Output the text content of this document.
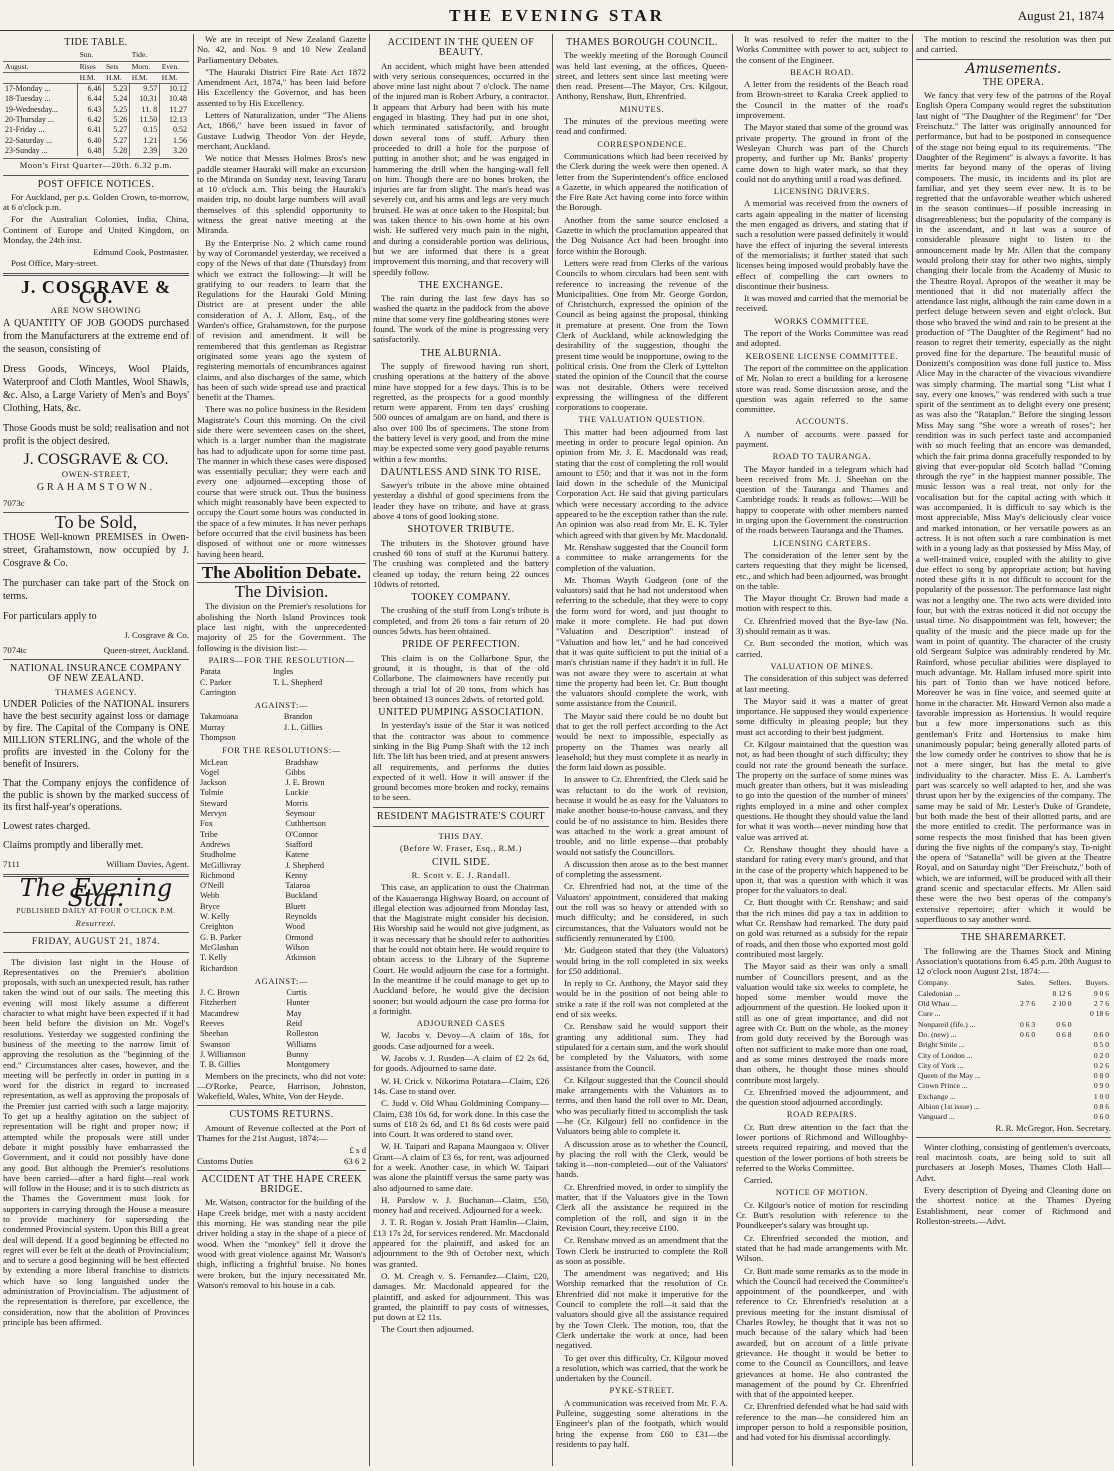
THE EVENING STAR	August 21, 1874
TIDE TABLE.
	Sun.		Tide.	
August.	Rises	Sets	Morn.	Even.
	H.M.	H.M.	H.M.	H.M.
17-Monday ...	6.46	5.23	9.57	10.12
18-Tuesday ...	6.44	5.24	10.31	10.48
19-Wednesday...	6.43	5.25	11. 8	11.27
20-Thursday ...	6.42	5.26	11.50	12.13
21-Friday ...	6.41	5.27	0.15	0.52
22-Saturday ...	6.40	5.27	1.21	1.56
23-Sunday ...	6.48	5.28	2.39	3.20
Moon's First Quarter—20th. 6.32 p.m.
POST OFFICE NOTICES.

For Auckland, per p.s. Golden Crown, to-morrow, at 6 o'clock p.m.

For the Australian Colonies, India, China, Continent of Europe and United Kingdom, on Monday, the 24th inst.

Edmund Cook, Postmaster.

Post Office, Mary-street.

J. COSGRAVE & CO.
ARE NOW SHOWING

A QUANTITY OF JOB GOODS purchased from the Manufacturers at the extreme end of the season, consisting of

Dress Goods, Winceys, Wool Plaids, Waterproof and Cloth Mantles, Wool Shawls, &c. Also, a Large Variety of Men's and Boys' Clothing, Hats, &c.

Those Goods must be sold; realisation and not profit is the object desired.

J. COSGRAVE & CO.
OWEN-STREET,
GRAHAMSTOWN.
7073c
To be Sold,

THOSE Well-known PREMISES in Owen-street, Grahamstown, now occupied by J. Cosgrave & Co.

The purchaser can take part of the Stock on terms.

For particulars apply to

J. Cosgrave & Co.
7074tc	Queen-street, Auckland.
NATIONAL INSURANCE COMPANY OF NEW ZEALAND.
THAMES AGENCY.

UNDER Policies of the NATIONAL insurers have the best security against loss or damage by fire. The Capital of the Company is ONE MILLION STERLING, and the whole of the profits are invested in the Colony for the benefit of Insurers.

That the Company enjoys the confidence of the public is shown by the marked success of its first half-year's operations.

Lowest rates charged.

Claims promptly and liberally met.

7111	William Davies, Agent.
The Evening Star.
PUBLISHED DAILY AT FOUR O'CLOCK P.M.
Resurrexi.
FRIDAY, AUGUST 21, 1874.

The division last night in the House of Representatives on the Premier's abolition proposals, with such an unexpected result, has rather taken the wind out of our sails. The meeting this evening will most likely assume a different character to what might have been expected if it had been held before the division on Mr. Vogel's resolutions. Yesterday we suggested confining the business of the meeting to the narrow limit of approving the resolution as the "beginning of the end." Circumstances alter cases, however, and the meeting will be perfectly in order in putting in a word for the district in regard to increased representation, as well as approving the proposals of the Premier just carried with such a large majority. To get up a healthy agitation on the subject of representation will be right and proper now; if attempted while the proposals were still under debate it might possibly have embarrassed the Government, and it could not possibly have done any good. But although the Premier's resolutions have been carried—after a hard fight—real work will follow in the House; and it is to such districts as the Thames the Government must look for supporters in carrying through the House a measure to provide machinery for superseding the condemned Provincial system. Upon this Bill a great deal will depend. If a good beginning be effected no regret will ever be felt at the death of Provincialism; and to secure a good beginning will be best effected by extending a more liberal franchise to districts which have so long languished under the administration of Provincialism. The adjustment of the representation is therefore, par excellence, the consideration, now that the abolition of Provinces principle has been affirmed.

We are in receipt of New Zealand Gazette No. 42, and Nos. 9 and 10 New Zealand Parliamentary Debates.

"The Hauraki District Fire Rate Act 1872 Amendment Act, 1874," has been laid before His Excellency the Governor, and has been assented to by His Excellency.

Letters of Naturalization, under "The Aliens Act, 1866," have been issued in favor of Gustave Ludwig Theodor Von der Heyde, merchant, Auckland.

We notice that Messrs Holmes Bros's new paddle steamer Hauraki will make an excursion to the Miranda on Sunday next, leaving Tararu at 10 o'clock a.m. This being the Hauraki's maiden trip, no doubt large numbers will avail themselves of this splendid opportunity to witness the great native meeting at the Miranda.

By the Enterprise No. 2 which came round by way of Coromandel yesterday, we received a copy of the News of that date (Thursday) from which we extract the following:—It will be gratifying to our readers to learn that the Regulations for the Hauraki Gold Mining District are at present under the able consideration of A. J. Allom, Esq., of the Warden's office, Grahamstown, for the purpose of revision and amendment. It will be remembered that this gentleman as Registrar originated some years ago the system of registering memorials of encumbrances against claims, and also discharges of the same, which has been of such wide spread use and practical benefit at the Thames.

There was no police business in the Resident Magistrate's Court this morning. On the civil side there were seventeen cases on the sheet, which is a larger number than the magistrate has had to adjudicate upon for some time past. The manner in which these cases were disposed was essentially peculiar; they were each and every one adjourned—excepting those of course that were struck out. Thus the business which might reasonably have been expected to occupy the Court some hours was conducted in the space of a few minutes. It has never perhaps before occurred that the civil business has been disposed of without one or more witnesses having been heard.

The Abolition Debate.
The Division.

The division on the Premier's resolutions for abolishing the North Island Provinces took place last night, with the unprecedented majority of 25 for the Government. The following is the division list:—

PAIRS—FOR THE RESOLUTION—
Parata	Ingles
C. Parker	T. L. Shepherd
Carrington	
AGAINST:—
Takamoana	Brandon
Murray	J. L. Gillies
Thompson	
FOR THE RESOLUTIONS:—
McLean	Bradshaw
Vogel	Gibbs
Jackson	J. E. Brown
Tolmie	Luckie
Steward	Morris
Mervyn	Seymour
Fox	Cuthbertson
Tribe	O'Connor
Andrews	Stafford
Studholme	Katene
McGillivray	J. Shepherd
Richmond	Kenny
O'Neill	Taiaroa
Webb	Buckland
Bryce	Bluett
W. Kelly	Reynolds
Creighton	Wood
G. B. Parker	Ormond
McGlashan	Wilson
T. Kelly	Atkinson
Richardson	
AGAINST:—
J. C. Brown	Curtis
Fitzherbert	Hunter
Macandrew	May
Reeves	Reid
Sheehan	Rolleston
Swanson	Williams
J. Williamson	Bunny
T. B. Gillies	Montgomery

Members on the precincts, who did not vote:—O'Rorke, Pearce, Harrison, Johnston, Wakefield, Wales, White, Von der Heyde.

CUSTOMS RETURNS.

Amount of Revenue collected at the Port of Thames for the 21st August, 1874:—

£ s d
Customs Duties	63 6 2
ACCIDENT AT THE HAPE CREEK BRIDGE.

Mr. Watson, contractor for the building of the Hape Creek bridge, met with a nasty accident this morning. He was standing near the pile driver holding a stay in the shape of a piece of wood. When the "monkey" fell it drove the wood with great violence against Mr. Watson's thigh, inflicting a frightful bruise. No bones were broken, but the injury necessitated Mr. Watson's removal to his house in a cab.

ACCIDENT IN THE QUEEN OF BEAUTY.

An accident, which might have been attended with very serious consequences, occurred in the above mine last night about 7 o'clock. The name of the injured man is Robert Arbury, a contractor. It appears that Arbury had been with his mate engaged in blasting. They had put in one shot, which terminated satisfactorily, and brought down several tons of stuff. Arbury then proceeded to drill a hole for the purpose of putting in another shot; and he was engaged in hammering the drill when the hanging-wall fell on him. Though there are no bones broken, the injuries are far from slight. The man's head was severely cut, and his arms and legs are very much bruised. He was at once taken to the Hospital; but was taken thence to his own home at his own wish. He suffered very much pain in the night, and during a considerable portion was delirious, but we are informed that there is a great improvement this morning, and that recovery will speedily follow.

THE EXCHANGE.

The rain during the last few days has so washed the quartz in the paddock from the above mine that some very fine goldbearing stones were found. The work of the mine is progressing very satisfactorily.

THE ALBURNIA.

The supply of firewood having run short, crushing operations at the battery of the above mine have stopped for a few days. This is to be regretted, as the prospects for a good monthly return were apparent. From ten days' crushing 500 ounces of amalgam are on hand, and there is also over 100 lbs of specimens. The stone from the battery level is very good, and from the mine may be expected some very good payable returns within a few months.

DAUNTLESS AND SINK TO RISE.

Sawyer's tribute in the above mine obtained yesterday a dishful of good specimens from the leader they have on tribute, and have at grass above 4 tons of good looking stone.

SHOTOVER TRIBUTE.

The tributers in the Shotover ground have crushed 60 tons of stuff at the Kurunui battery. The crushing was completed and the battery cleaned up today, the return being 22 ounces 10dwts of retorted.

TOOKEY COMPANY.

The crushing of the stuff from Long's tribute is completed, and from 26 tons a fair return of 20 ounces 5dwts. has been obtained.

PRIDE OF PERFECTION.

This claim is on the Collarbone Spur, the ground, it is thought, is that of the old Collarbone. The claimowners have recently put through a trial lot of 20 tons, from which has been obtained 13 ounces 2dwts. of retorted gold.

UNITED PUMPING ASSOCIATION.

In yesterday's issue of the Star it was noticed that the contractor was about to commence sinking in the Big Pump Shaft with the 12 inch lift. The lift has been tried, and at present answers all requirements, and performs the duties expected of it well. How it will answer if the ground becomes more broken and rocky, remains to be seen.

RESIDENT MAGISTRATE'S COURT
THIS DAY.
(Before W. Fraser, Esq., R.M.)
CIVIL SIDE.
R. Scott v. E. J. Randall.

This case, an application to oust the Chairman of the Kauaeranga Highway Board, on account of illegal election was adjourned from Monday last, that the Magistrate might consider his decision. His Worship said he would not give judgment, as it was necessary that he should refer to authorities that he could not obtain here. He would require to obtain access to the Library of the Supreme Court. He would adjourn the case for a fortnight. In the meantime if he could manage to get up to Auckland before, he would give the decision sooner; but would adjourn the case pro forma for a fortnight.

ADJOURNED CASES

W. Jacobs v. Devoy—A claim of 18s, for goods. Case adjourned for a week.

W. Jacobs v. J. Rusden—A claim of £2 2s 6d, for goods. Adjourned to same date.

W. H. Crick v. Nikorima Potatara—Claim, £26 14s. Case to stand over.

C. Judd v. Old Whau Goldmining Company—Claim, £38 10s 6d, for work done. In this case the sums of £18 2s 6d, and £1 8s 6d costs were paid into Court. It was ordered to stand over.

W. H. Taipari and Rapana Maungaoa v. Oliver Grant—A claim of £3 6s, for rent, was adjourned for a week. Another case, in which W. Taipari was alone the plaintiff versus the same party was also adjourned to same date.

H. Parslow v. J. Buchanan—Claim, £50, money had and received. Adjourned for a week.

J. T. R. Rogan v. Josiah Pratt Hamlin—Claim, £13 17s 2d, for services rendered. Mr. Macdonald appeared for the plaintiff, and asked for an adjournment to the 9th of October next, which was granted.

O. M. Creagh v. S. Fernandez—Claim, £20, damages. Mr. Macdonald appeared for the plaintiff, and asked for adjournment. This was granted, the plaintiff to pay costs of witnesses, put down at £2 11s.

The Court then adjourned.

THAMES BOROUGH COUNCIL.

The weekly meeting of the Borough Council was held last evening, at the offices, Queen-street, and letters sent since last meeting were then read. Present—The Mayor, Crs. Kilgour, Anthony, Renshaw, Butt, Ehrenfried.

MINUTES.

The minutes of the previous meeting were read and confirmed.

CORRESPONDENCE.

Communications which had been received by the Clerk during the week were then opened. A letter from the Superintendent's office enclosed a Gazette, in which appeared the notification of the Fire Rate Act having come into force within the Borough.

Another from the same source enclosed a Gazette in which the proclamation appeared that the Dog Nuisance Act had been brought into force within the Borough.

Letters were read from Clerks of the various Councils to whom circulars had been sent with reference to increasing the revenue of the Municipalities. One from Mr. George Gordon, of Christchurch, expressed the opinion of the Council as being against the proposal, thinking it premature at present. One from the Town Clerk of Auckland, while acknowledging the desirability of the suggestion, thought the present time would be inopportune, owing to the political crisis. One from the Clerk of Lyttelton stated the opinion of the Council that the course was not desirable. Others were received expressing the willingness of the different corporations to cooperate.

THE VALUATION QUESTION.

This matter had been adjourned from last meeting in order to procure legal opinion. An opinion from Mr. J. E. Macdonald was read, stating that the cost of completing the roll would amount to £50; and that it was not in the form laid down in the schedule of the Municipal Corporation Act. He said that giving particulars which were necessary according to the advice appeared to be the exception rather than the rule. An opinion was also read from Mr. E. K. Tyler which agreed with that given by Mr. Macdonald.

Mr. Renshaw suggested that the Council form a committee to make arrangements for the completion of the valuation.

Mr. Thomas Wayth Gudgeon (one of the valuators) said that he had not understood when referring to the schedule, that they were to copy the form word for word, and just thought to make it more complete. He had put down "Valuation and Description" instead of "Valuation and how let," and he had conceived that it was quite sufficient to put the initial of a man's christian name if they hadn't it in full. He was not aware they were to ascertain at what time the property had been let. Cr. Butt thought the valuators should complete the work, with some assistance from the Council.

The Mayor said there could be no doubt but that to get the roll perfect according to the Act would be next to impossible, especially as property on the Thames was nearly all leasehold; but they must complete it as nearly in the form laid down as possible.

In answer to Cr. Ehrenfried, the Clerk said he was reluctant to do the work of revision, because it would be as easy for the Valuators to make another house-to-house canvass, and they could be of no assistance to him. Besides there was attached to the work a great amount of trouble, and no little expense—that probably would not satisfy the Councillors.

A discussion then arose as to the best manner of completing the assessment.

Cr. Ehrenfried had not, at the time of the Valuators' appointment, considered that making out the roll was so heavy or attended with so much difficulty; and he considered, in such circumstances, that the Valuators would not be sufficiently remunerated by £100.

Mr. Gudgeon stated that they (the Valuators) would bring in the roll completed in six weeks for £50 additional.

In reply to Cr. Anthony, the Mayor said they would be in the position of not being able to strike a rate if the roll was not completed at the end of six weeks.

Cr. Renshaw said he would support their granting any additional sum. They had stipulated for a certain sum, and the work should be completed by the Valuators, with some assistance from the Council.

Cr. Kilgour suggested that the Council should make arrangements with the Valuators as to terms, and then hand the roll over to Mr. Dean, who was peculiarly fitted to accomplish the task—he (Cr. Kilgour) fell no confidence in the Valuators being able to complete it.

A discussion arose as to whether the Council, by placing the roll with the Clerk, would be taking it—non-completed—out of the Valuators' hands.

Cr. Ehrenfried moved, in order to simplify the matter, that if the Valuators give in the Town Clerk all the assistance he required in the completion of the roll, and sign it in the Revision Court, they receive £100.

Cr. Renshaw moved as an amendment that the Town Clerk be instructed to complete the Roll as soon as possible.

The amendment was negatived; and His Worship remarked that the resolution of Cr. Ehrenfried did not make it imperative for the Council to complete the roll—it said that the valuators should give all the assistance required by the Town Clerk. The motion, too, that the Clerk undertake the work at once, had been negatived.

To get over this difficulty, Cr. Kilgour moved a resolution, which was carried, that the work be undertaken by the Council.

PYKE-STREET.

A communication was received from Mr. F. A. Pulleine, suggesting some alterations in the Engineer's plan of the footpath, which would bring the expense from £60 to £31—the residents to pay half.

It was resolved to refer the matter to the Works Committee with power to act, subject to the consent of the Engineer.

BEACH ROAD.

A letter from the residents of the Beach road from Brown-street to Karaka Creek applied to the Council in the matter of the road's improvement.

The Mayor stated that some of the ground was private property. The ground in front of the Wesleyan Church was part of the Church property, and further up Mr. Banks' property came down to high water mark, so that they could not do anything until a road was defined.

LICENSING DRIVERS.

A memorial was received from the owners of carts again appealing in the matter of licensing the men engaged as drivers, and stating that if such a resolution were passed definitely it would have the effect of injuring the several interests of the memorialists; it further stated that such licenses being imposed would probably have the effect of compelling the cart owners to discontinue their business.

It was moved and carried that the memorial be received.

WORKS COMMITTEE.

The report of the Works Committee was read and adopted.

KEROSENE LICENSE COMMITTEE.

The report of the committee on the application of Mr. Nolan to erect a building for a kerosene store was read. Some discussion arose, and the question was again referred to the same committee.

ACCOUNTS.

A number of accounts were passed for payment.

ROAD TO TAURANGA.

The Mayor handed in a telegram which had been received from Mr. J. Sheehan on the question of the Tauranga and Thames and Cambridge roads. It reads as follows:—Will be happy to cooperate with other members named in urging upon the Government the construction of the roads between Tauranga and the Thames.

LICENSING CARTERS.

The consideration of the letter sent by the carters requesting that they might be licensed, etc., and which had been adjourned, was brought on the table.

The Mayor thought Cr. Brown had made a motion with respect to this.

Cr. Ehrenfried moved that the Bye-law (No. 3) should remain as it was.

Cr. Butt seconded the motion, which was carried.

VALUATION OF MINES.

The consideration of this subject was deferred at last meeting.

The Mayor said it was a matter of great importance. He supposed they would experience some difficulty in pleasing people; but they must act according to their best judgment.

Cr. Kilgour maintained that the question was not, as had been thought of such difficulty; they could not rate the ground beneath the surface. The property on the surface of some mines was much greater than others, but it was misleading to go into the question of the number of miners' rights employed in a mine and other complex questions. He thought they should value the land for what it was worth—never minding how that value was arrived at.

Cr. Renshaw thought they should have a standard for rating every man's ground, and that in the case of the property which happened to be upon it, that was a question with which it was proper for the valuators to deal.

Cr. Butt thought with Cr. Renshaw; and said that the rich mines did pay a tax in addition to what Cr. Renshaw had remarked. The duty paid on gold was returned as a subsidy for the repair of roads, and then those who exported most gold contributed most largely.

The Mayor said as their was only a small number of Councillors present, and as the valuation would take six weeks to complete, he hoped some member would move the adjournment of the question. He looked upon it still as one of great importance, and did not agree with Cr. Butt on the whole, as the money from gold duty received by the Borough was often not sufficient to make more than one road, and as some mines destroyed the roads more than others, he thought those mines should contribute most largely.

Cr. Ehrenfried moved the adjournment, and the question stood adjourned accordingly.

ROAD REPAIRS.

Cr. Butt drew attention to the fact that the lower portions of Richmond and Willoughby-streets required repairing, and moved that the question of the lower portions of both streets be referred to the Works Committee.

Carried.

NOTICE OF MOTION.

Cr. Kilgour's notice of motion for rescinding Cr. Butt's resolution with reference to the Poundkeeper's salary was brought up.

Cr. Ehrenfried seconded the motion, and stated that he had made arrangements with Mr. Wilson.

Cr. Butt made some remarks as to the mode in which the Council had received the Committee's appointment of the poundkeeper, and with reference to Cr. Ehrenfried's resolution at a previous meeting for the instant dismissal of Charles Rowley, he thought that it was not so much because of the salary which had been awarded, but on account of a little private grievance. He thought it would be better to come to the Council as Councillors, and leave grievances at home. He also contrasted the management of the pound by Cr. Ehrenfried with that of the appointed keeper.

Cr. Ehrenfried defended what he had said with reference to the man—he considered him an improper person to hold a responsible position, and had voted for his dismissal accordingly.

The motion to rescind the resolution was then put and carried.

Amusements.
THE OPERA.

We fancy that very few of the patrons of the Royal English Opera Company would regret the substitution last night of "The Daughter of the Regiment" for "Der Freischutz." The latter was originally announced for performance, but had to be postponed in consequence of the stage not being equal to its requirements. "The Daughter of the Regiment" is always a favorite. It has merits far beyond many of the operas of living composers. The music, its incidents and its plot are familiar, and yet they seem ever new. It is to be regretted that the unfavorable weather which ushered in the season continues—if possible increasing in disagreeableness; but the popularity of the company is in the ascendant, and it last was a source of considerable pleasure night to listen to the announcement made by Mr. Allen that the company would prolong their stay for other two nights, simply changing their locale from the Academy of Music to the Theatre Royal. Apropos of the weather it may be mentioned that it did not materially affect the attendance last night, although the rain came down in a perfect deluge between seven and eight o'clock. But those who braved the wind and rain to be present at the production of "The Daughter of the Regiment" had no reason to regret their temerity, especially as the night proved fine for the departure. The beautiful music of Donizetti's composition was done full justice to. Miss Alice May in the character of the vivacious vivandiere was simply charming. The martial song "List what I say, every one knows," was rendered with such a true spirit of the sentiment as to delight every one present; as was also the "Rataplan." Before the singing lesson Miss May sang "She wore a wreath of roses"; her rendition was in such perfect taste and accompanied with so much feeling that an encore was demanded, which the fair prima donna gracefully responded to by giving that ever-popular old Scotch ballad "Coming through the rye" in the happiest manner possible. The music lesson was a real treat, not only for the vocalisation but for the capital acting with which it was accompanied. It is difficult to say which is the most appreciable, Miss May's deliciously clear voice and marked intonation, or her versatile powers as an actress. It is not often such a rare combination is met with in a young lady as that possessed by Miss May, of a well-trained voice, coupled with the ability to give due effect to song by appropriate action; but having noted these gifts it is not difficult to account for the popularity of the possessor. The performance last night was not a lengthy one. The two acts were divided into four, but with the extras noticed it did not occupy the usual time. No disappointment was felt, however; the quality of the music and the piece made up for the want in point of quantity. The character of the crusty old Sergeant Sulpice was admirably rendered by Mr. Rainford, whose peculiar abilities were displayed to much advantage. Mr. Hallam infused more spirit into his part of Tonio than we have noticed before. Moreover he was in fine voice, and seemed quite at home in the character. Mr. Howard Vernon also made a favorable impression as Hortensius. It would require but a few more impersonations such as this gentleman's Fritz and Hortensius to make him unanimously popular; being generally alloted parts of the low comedy order he contrives to show that he is not a mere singer, but has the metal to give individuality to the character. Miss E. A. Lambert's part was scarcely so well adapted to her, and she was thrust upon her by the exigencies of the company. The same may be said of Mr. Lester's Duke of Grandete, but both made the best of their allotted parts, and are the more entitled to credit. The performance was in some respects the most finished that has been given during the five nights of the company's stay. To-night the opera of "Satanella" will be given at the Theatre Royal, and on Saturday night "Der Freischutz," both of which, we are informed, will be produced with all their grand scenic and spectacular effects. Mr Allen said these were the two best operas of the company's extensive repertoire; after which it would be superfluous to say another word.

THE SHAREMARKET.

The following are the Thames Stock and Mining Association's quotations from 6.45 p.m. 20th August to 12 o'clock noon August 21st, 1874:—

Company.	Sales.	Sellers.	Buyers.
Caledonian ...		8 12 6	9 0 6
Old Whau ...	2 7 6	2 10 0	2 7 6
Cure ...			0 18 6
Nonpareil (fife.) ...	0 6 3	0 6 0	
Do. (new) ...	0 6 0	0 6 8	0 6 0
Bright Smile ...			0 5 0
City of London ...			0 2 0
City of York ...			0 2 6
Queen of the May ...			0 8 0
Crown Prince ...			0 9 0
Exchange ...			1 0 0
Albion (1st issue) ...			0 8 6
Vanguard ...			0 6 0
R. R. McGregor, Hon. Secretary.

Winter clothing, consisting of gentlemen's overcoats, real macintosh coats, are being sold to suit all purchasers at Joseph Moses, Thames Cloth Hall—Advt.

Every description of Dyeing and Cleaning done on the shortest notice at the Thames Dyeing Establishment, near corner of Richmond and Rolleston-streets.—Advt.
